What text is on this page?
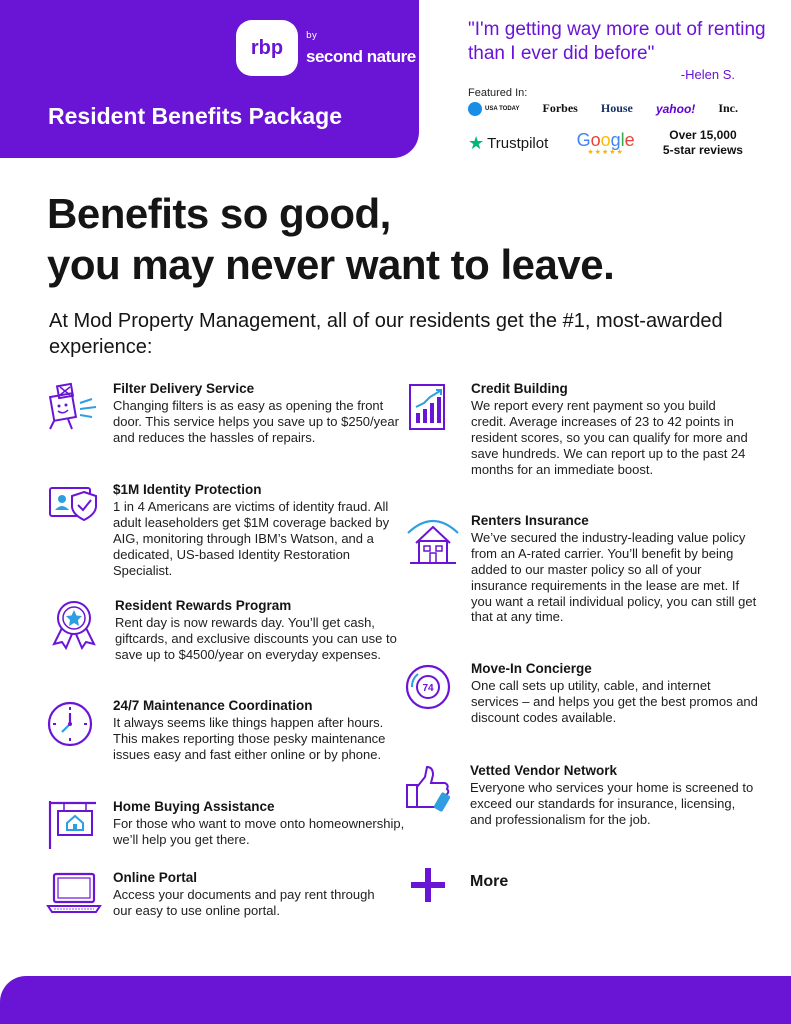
rbp
by
second nature
Resident Benefits Package
"I'm getting way more out of renting than I ever did before"
-Helen S.
Featured In:
USA TODAY Forbes House yahoo! Inc.
★ Trustpilot Google
★★★★★
Over 15,000
5-star reviews
Benefits so good,
you may never want to leave.
At Mod Property Management, all of our residents get the #1, most-awarded experience:
Filter Delivery Service

Changing filters is as easy as opening the front door. This service helps you save up to $250/year and reduces the hassles of repairs.

$1M Identity Protection

1 in 4 Americans are victims of identity fraud. All adult leaseholders get $1M coverage backed by AIG, monitoring through IBM’s Watson, and a dedicated, US-based Identity Restoration Specialist.

Resident Rewards Program

Rent day is now rewards day. You’ll get cash, giftcards, and exclusive discounts you can use to save up to $4500/year on everyday expenses.

24/7 Maintenance Coordination

It always seems like things happen after hours. This makes reporting those pesky maintenance issues easy and fast either online or by phone.

Home Buying Assistance

For those who want to move onto homeownership, we’ll help you get there.

Online Portal

Access your documents and pay rent through our easy to use online portal.

Credit Building

We report every rent payment so you build credit. Average increases of 23 to 42 points in resident scores, so you can qualify for more and save hundreds. We can report up to the past 24 months for an immediate boost.

Renters Insurance

We’ve secured the industry-leading value policy from an A-rated carrier. You’ll benefit by being added to our master policy so all of your insurance requirements in the lease are met. If you want a retail individual policy, you can still get that at any time.

74
Move-In Concierge

One call sets up utility, cable, and internet services – and helps you get the best promos and discount codes available.

Vetted Vendor Network

Everyone who services your home is screened to exceed our standards for insurance, licensing, and professionalism for the job.

More
